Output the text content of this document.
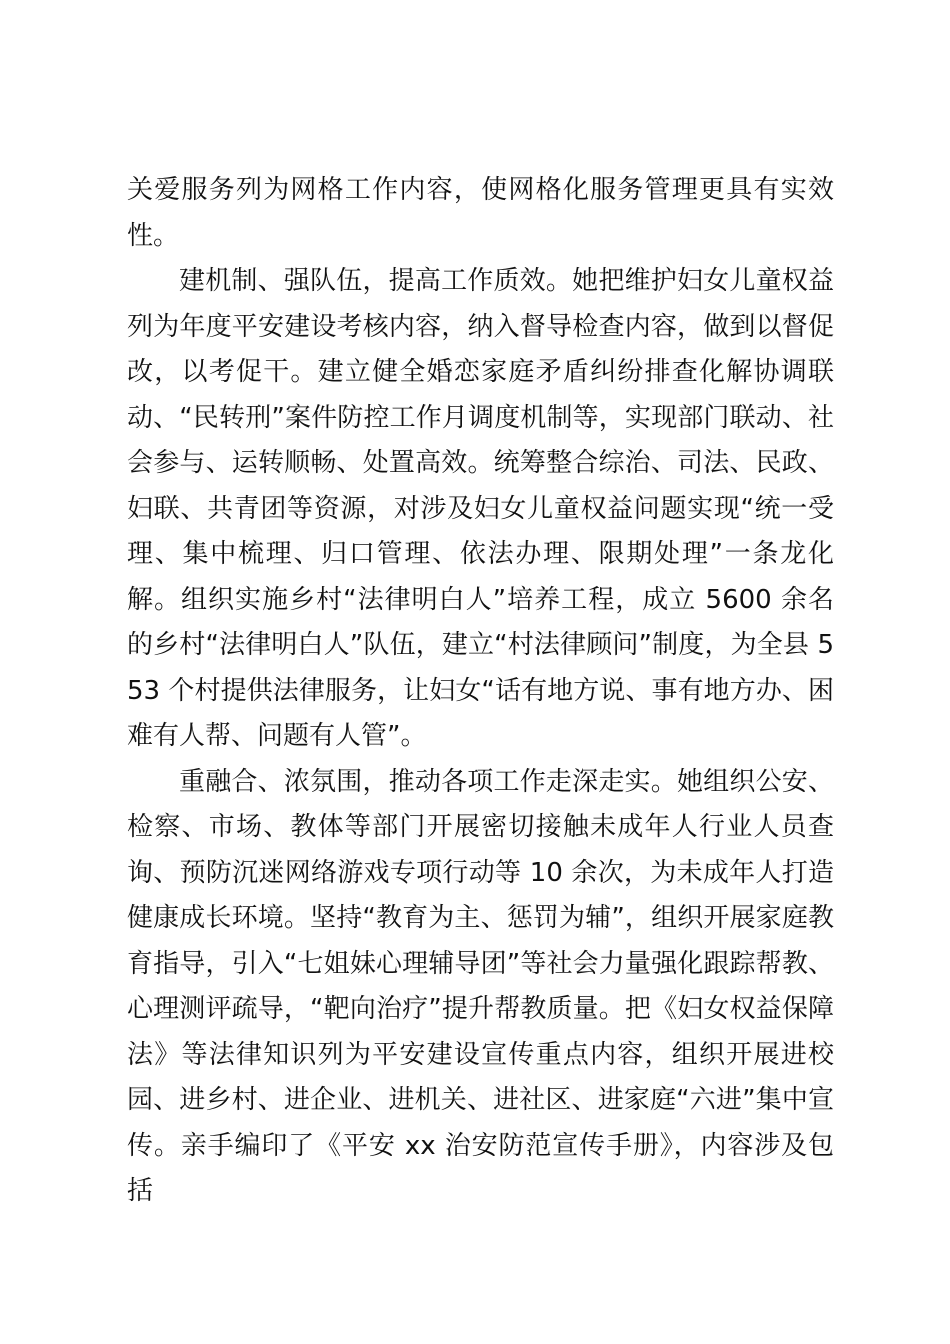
关爱服务列为网格工作内容，使网格化服务管理更具有实效性。

建机制、强队伍，提高工作质效。她把维护妇女儿童权益列为年度平安建设考核内容，纳入督导检查内容，做到以督促改，以考促干。建立健全婚恋家庭矛盾纠纷排查化解协调联动、“民转刑”案件防控工作月调度机制等，实现部门联动、社会参与、运转顺畅、处置高效。统筹整合综治、司法、民政、妇联、共青团等资源，对涉及妇女儿童权益问题实现“统一受理、集中梳理、归口管理、依法办理、限期处理”一条龙化解。组织实施乡村“法律明白人”培养工程，成立 5600 余名的乡村“法律明白人”队伍，建立“村法律顾问”制度，为全县 553 个村提供法律服务，让妇女“话有地方说、事有地方办、困难有人帮、问题有人管”。

重融合、浓氛围，推动各项工作走深走实。她组织公安、检察、市场、教体等部门开展密切接触未成年人行业人员查询、预防沉迷网络游戏专项行动等 10 余次，为未成年人打造健康成长环境。坚持“教育为主、惩罚为辅”，组织开展家庭教育指导，引入“七姐妹心理辅导团”等社会力量强化跟踪帮教、心理测评疏导，“靶向治疗”提升帮教质量。把《妇女权益保障法》等法律知识列为平安建设宣传重点内容，组织开展进校园、进乡村、进企业、进机关、进社区、进家庭“六进”集中宣传。亲手编印了《平安 xx 治安防范宣传手册》，内容涉及包括
